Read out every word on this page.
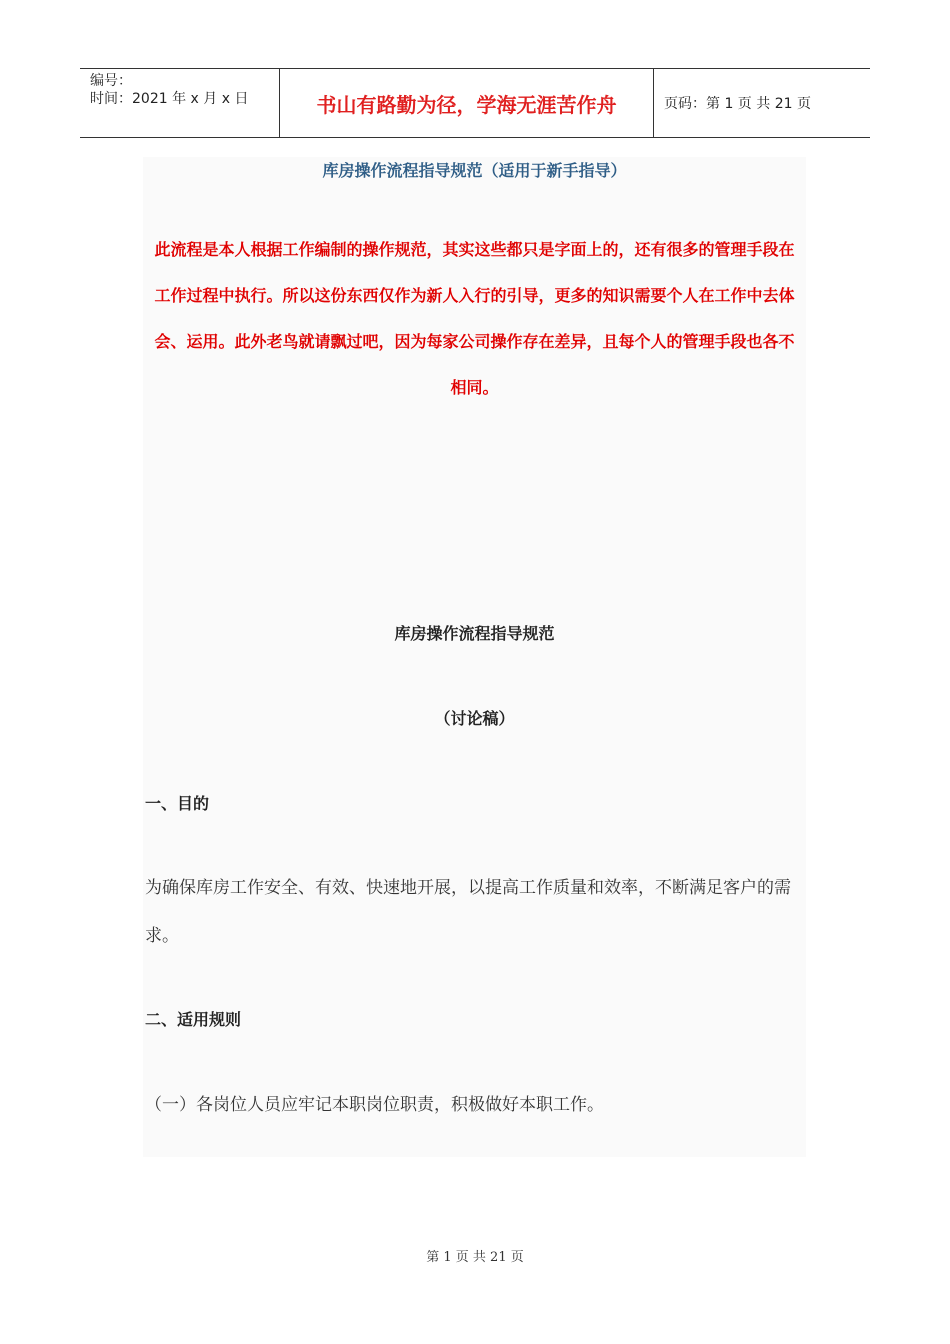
编号：
时间：2021 年 x 月 x 日	书山有路勤为径，学海无涯苦作舟	页码：第 1 页 共 21 页
库房操作流程指导规范（适用于新手指导）
此流程是本人根据工作编制的操作规范，其实这些都只是字面上的，还有很多的管理手段在工作过程中执行。所以这份东西仅作为新人入行的引导，更多的知识需要个人在工作中去体会、运用。此外老鸟就请飘过吧，因为每家公司操作存在差异，且每个人的管理手段也各不相同。
库房操作流程指导规范
（讨论稿）
一、目的
为确保库房工作安全、有效、快速地开展，以提高工作质量和效率，不断满足客户的需求。
二、适用规则
（一）各岗位人员应牢记本职岗位职责，积极做好本职工作。
第 1 页 共 21 页
